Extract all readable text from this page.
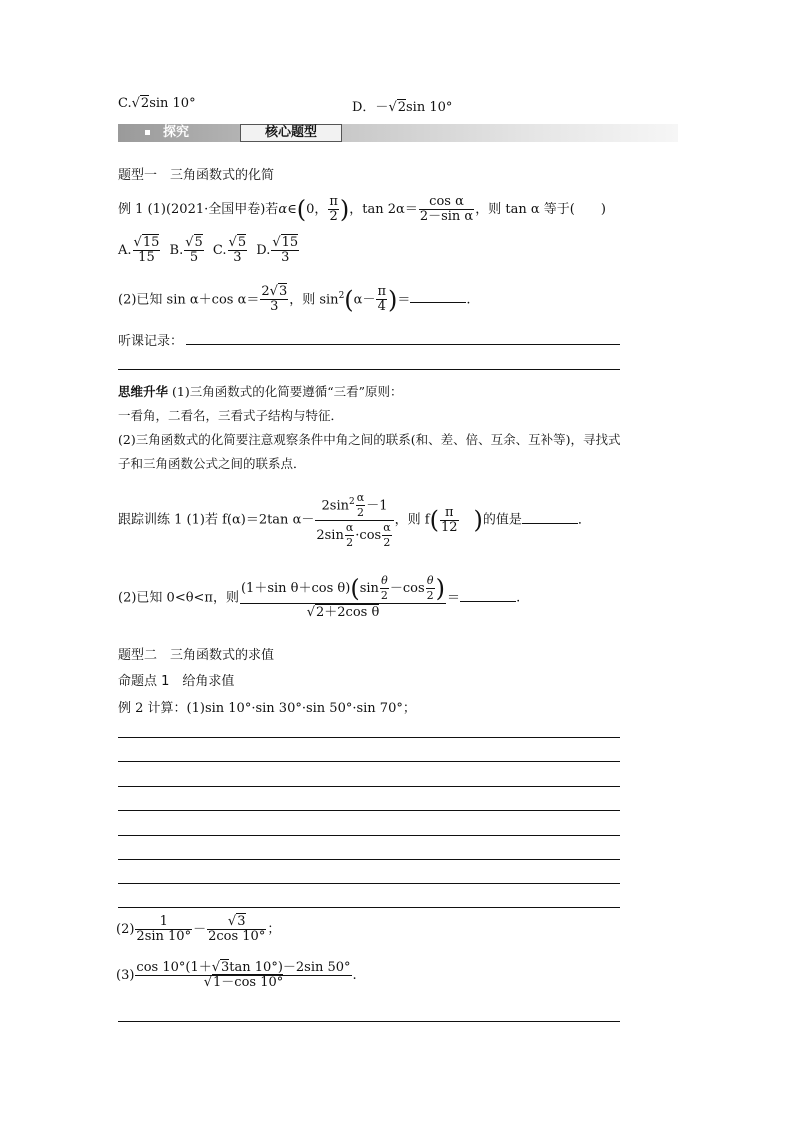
C.√2sin 10°	D．－√2sin 10°
探究	核心题型
题型一　三角函数式的化简
例 1 (1)(2021·全国甲卷)若α∈(0， $\frac{\pi}{2}$ )，$\tan 2\alpha= \frac{\text{cos α}}{\text{2－sin α}}$ ，则 tan α 等于(　　)
A. $\frac{√15}{15} B$. $\frac{√5}{5} C$. $\frac{√5}{3} D$. $\frac{√15}{3}$
(2)已知 sin α＋cos $\alpha= \frac{2√3}{3}$ ，则 $\sin^2(\alpha- \frac{\pi}{4}$ )＝	.
听课记录：
思维升华 (1)三角函数式的化简要遵循“三看”原则：
一看角，二看名，三看式子结构与特征．
(2)三角函数式的化简要注意观察条件中角之间的联系(和、差、倍、互余、互补等)，寻找式
子和三角函数公式之间的联系点．
跟踪训练 1 (1)若 f(α)＝2tan $\alpha- \frac{2\sin^2 \frac{\alpha}{2} -1}{2\sin \frac{\alpha}{2} \cdot\cos \frac{\alpha}{2}}$ ，则 $f( \frac{\pi}{12}$ )的值是	．
(2)已知 0<θ<π，则 $\frac{(1+\sin \theta+\cos \theta)(\sin \frac{\theta}{2} -\cos \frac{\theta}{2} )}{\text{√2＋2cos θ}}$ ＝	.
题型二　三角函数式的求值
命题点 1　给角求值
例 2 计算：(1)sin 10°·sin 30°·sin 50°·sin 70°；
$(2) \frac{1}{2\sin 10^\circ} - \frac{√3}{2\cos 10^\circ}$ ；
$(3) \frac{\cos 10^\circ(1+√3\tan 10^\circ)-2\sin 50^\circ}{√1-\cos 10^\circ}$ .
